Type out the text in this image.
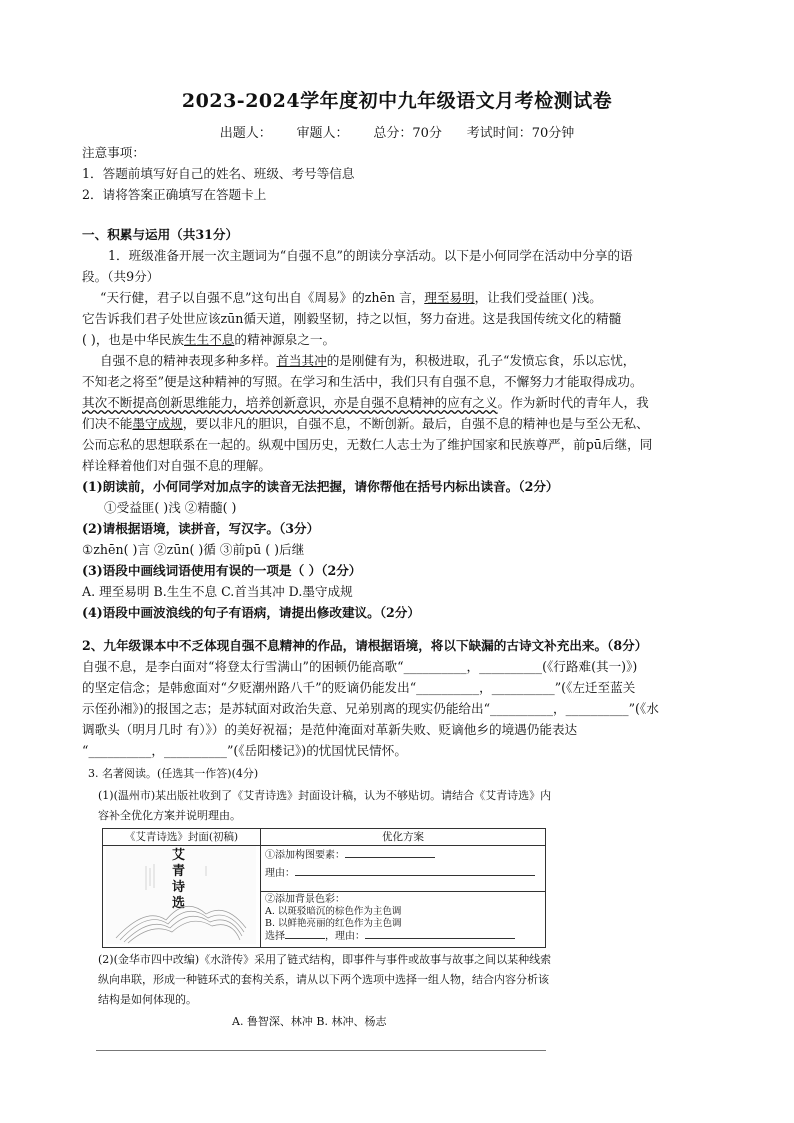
2023-2024学年度初中九年级语文月考检测试卷
出题人：      审题人：      总分：70分      考试时间：70分钟
注意事项：
1．答题前填写好自己的姓名、班级、考号等信息
2．请将答案正确填写在答题卡上
一、积累与运用（共31分）
1．班级准备开展一次主题词为“自强不息”的朗读分享活动。以下是小何同学在活动中分享的语
段。（共9分）
“天行健，君子以自强不息”这句出自《周易》的zhēn 言，理至易明，让我们受益匪( )浅。
它告诉我们君子处世应该zūn循天道，刚毅坚韧，持之以恒，努力奋进。这是我国传统文化的精髓
( )，也是中华民族生生不息的精神源泉之一。
自强不息的精神表现多种多样。首当其冲的是刚健有为，积极进取，孔子“发愤忘食，乐以忘忧，
不知老之将至”便是这种精神的写照。在学习和生活中，我们只有自强不息，不懈努力才能取得成功。
其次不断提高创新思维能力，培养创新意识，亦是自强不息精神的应有之义。作为新时代的青年人，我
们决不能墨守成规，要以非凡的胆识，自强不息，不断创新。最后，自强不息的精神也是与至公无私、
公而忘私的思想联系在一起的。纵观中国历史，无数仁人志士为了维护国家和民族尊严，前pū后继，同
样诠释着他们对自强不息的理解。
(1)朗读前，小何同学对加点字的读音无法把握，请你帮他在括号内标出读音。（2分）
①受益匪( )浅 ②精髓( )
(2)请根据语境，读拼音，写汉字。（3分）
①zhēn( )言 ②zūn( )循 ③前pū ( )后继
(3)语段中画线词语使用有误的一项是（ ）（2分）
A. 理至易明 B.生生不息 C.首当其冲 D.墨守成规
(4)语段中画波浪线的句子有语病，请提出修改建议。（2分）
2、九年级课本中不乏体现自强不息精神的作品，请根据语境，将以下缺漏的古诗文补充出来。（8分）
自强不息，是李白面对“将登太行雪满山”的困顿仍能高歌“__________，__________(《行路难(其一)》)
的坚定信念；是韩愈面对“夕贬潮州路八千”的贬谪仍能发出“__________，__________”(《左迁至蓝关
示侄孙湘》)的报国之志；是苏轼面对政治失意、兄弟别离的现实仍能给出“__________，__________”(《水
调歌头（明月几时 有）》）的美好祝福；是范仲淹面对革新失败、贬谪他乡的境遇仍能表达
“__________，__________”(《岳阳楼记》)的忧国忧民情怀。
3. 名著阅读。(任选其一作答)(4分)
(1)(温州市)某出版社收到了《艾青诗选》封面设计稿，认为不够贴切。请结合《艾青诗选》内
容补全优化方案并说明理由。
《艾青诗选》封面(初稿)	优化方案
①添加构图要素：
理由：
②添加背景色彩：
A. 以斑驳暗沉的棕色作为主色调
B. 以鲜艳亮丽的红色作为主色调
选择	，理由：
艾青诗选
(2)(金华市四中改编)《水浒传》采用了链式结构，即事件与事件或故事与故事之间以某种线索
纵向串联，形成一种链环式的套构关系，请从以下两个选项中选择一组人物，结合内容分析该
结构是如何体现的。
A. 鲁智深、林冲 B. 林冲、杨志
